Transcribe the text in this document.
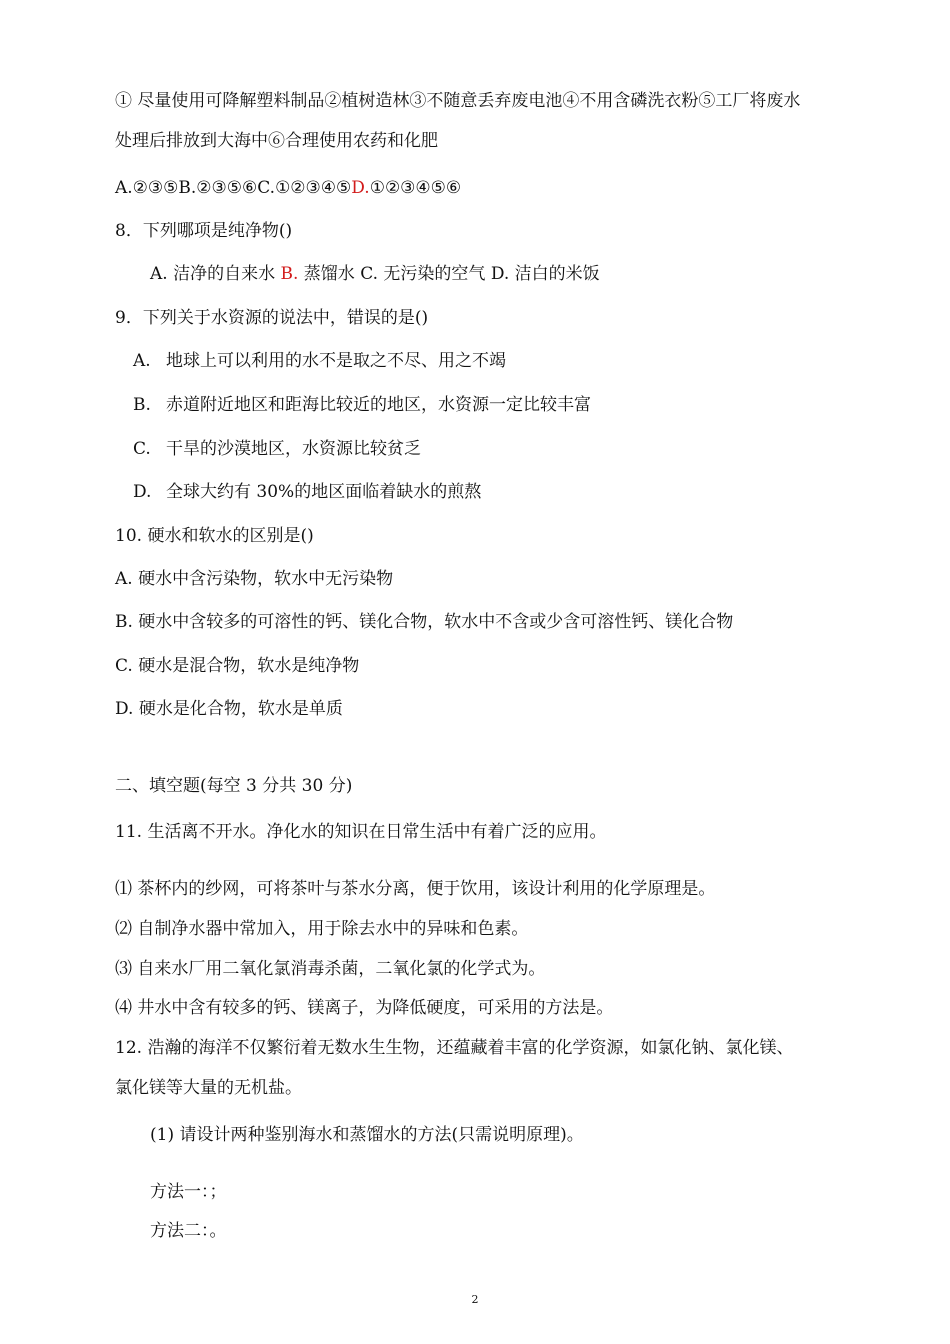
① 尽量使用可降解塑料制品②植树造林③不随意丢弃废电池④不用含磷洗衣粉⑤工厂将废水
处理后排放到大海中⑥合理使用农药和化肥
A.②③⑤B.②③⑤⑥C.①②③④⑤D.①②③④⑤⑥
8．下列哪项是纯净物()
A. 洁净的自来水 B. 蒸馏水 C. 无污染的空气 D. 洁白的米饭
9．下列关于水资源的说法中，错误的是()
A. 地球上可以利用的水不是取之不尽、用之不竭
B. 赤道附近地区和距海比较近的地区，水资源一定比较丰富
C. 干旱的沙漠地区，水资源比较贫乏
D. 全球大约有 30%的地区面临着缺水的煎熬
10. 硬水和软水的区别是()
A. 硬水中含污染物，软水中无污染物
B. 硬水中含较多的可溶性的钙、镁化合物，软水中不含或少含可溶性钙、镁化合物
C. 硬水是混合物，软水是纯净物
D. 硬水是化合物，软水是单质
二、填空题(每空 3 分共 30 分)
11. 生活离不开水。净化水的知识在日常生活中有着广泛的应用。
⑴ 茶杯内的纱网，可将茶叶与茶水分离，便于饮用，该设计利用的化学原理是。
⑵ 自制净水器中常加入，用于除去水中的异味和色素。
⑶ 自来水厂用二氧化氯消毒杀菌，二氧化氯的化学式为。
⑷ 井水中含有较多的钙、镁离子，为降低硬度，可采用的方法是。
12. 浩瀚的海洋不仅繁衍着无数水生生物，还蕴藏着丰富的化学资源，如氯化钠、氯化镁、
氯化镁等大量的无机盐。
(1) 请设计两种鉴别海水和蒸馏水的方法(只需说明原理)。
方法一：；
方法二：。
2
